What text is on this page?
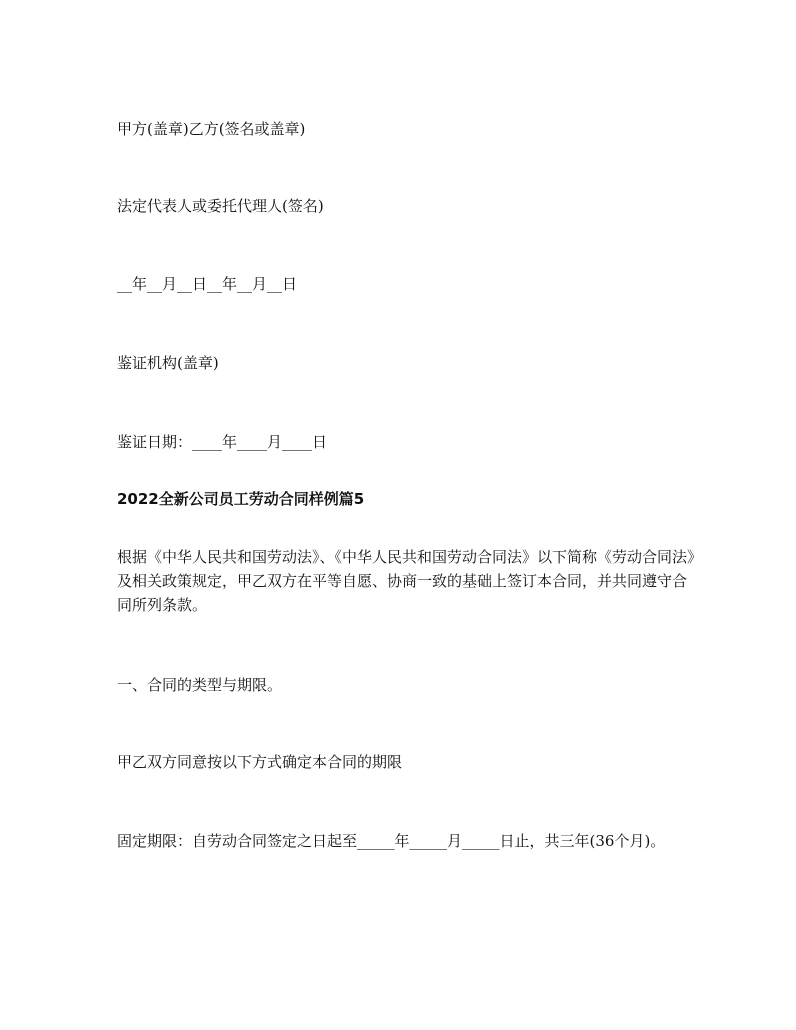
甲方(盖章)乙方(签名或盖章)
法定代表人或委托代理人(签名)
__年__月__日__年__月__日
鉴证机构(盖章)
鉴证日期：____年____月____日
2022全新公司员工劳动合同样例篇5
根据《中华人民共和国劳动法》、《中华人民共和国劳动合同法》以下简称《劳动合同法》及相关政策规定，甲乙双方在平等自愿、协商一致的基础上签订本合同，并共同遵守合同所列条款。
一、合同的类型与期限。
甲乙双方同意按以下方式确定本合同的期限
固定期限：自劳动合同签定之日起至_____年_____月_____日止，共三年(36个月)。
